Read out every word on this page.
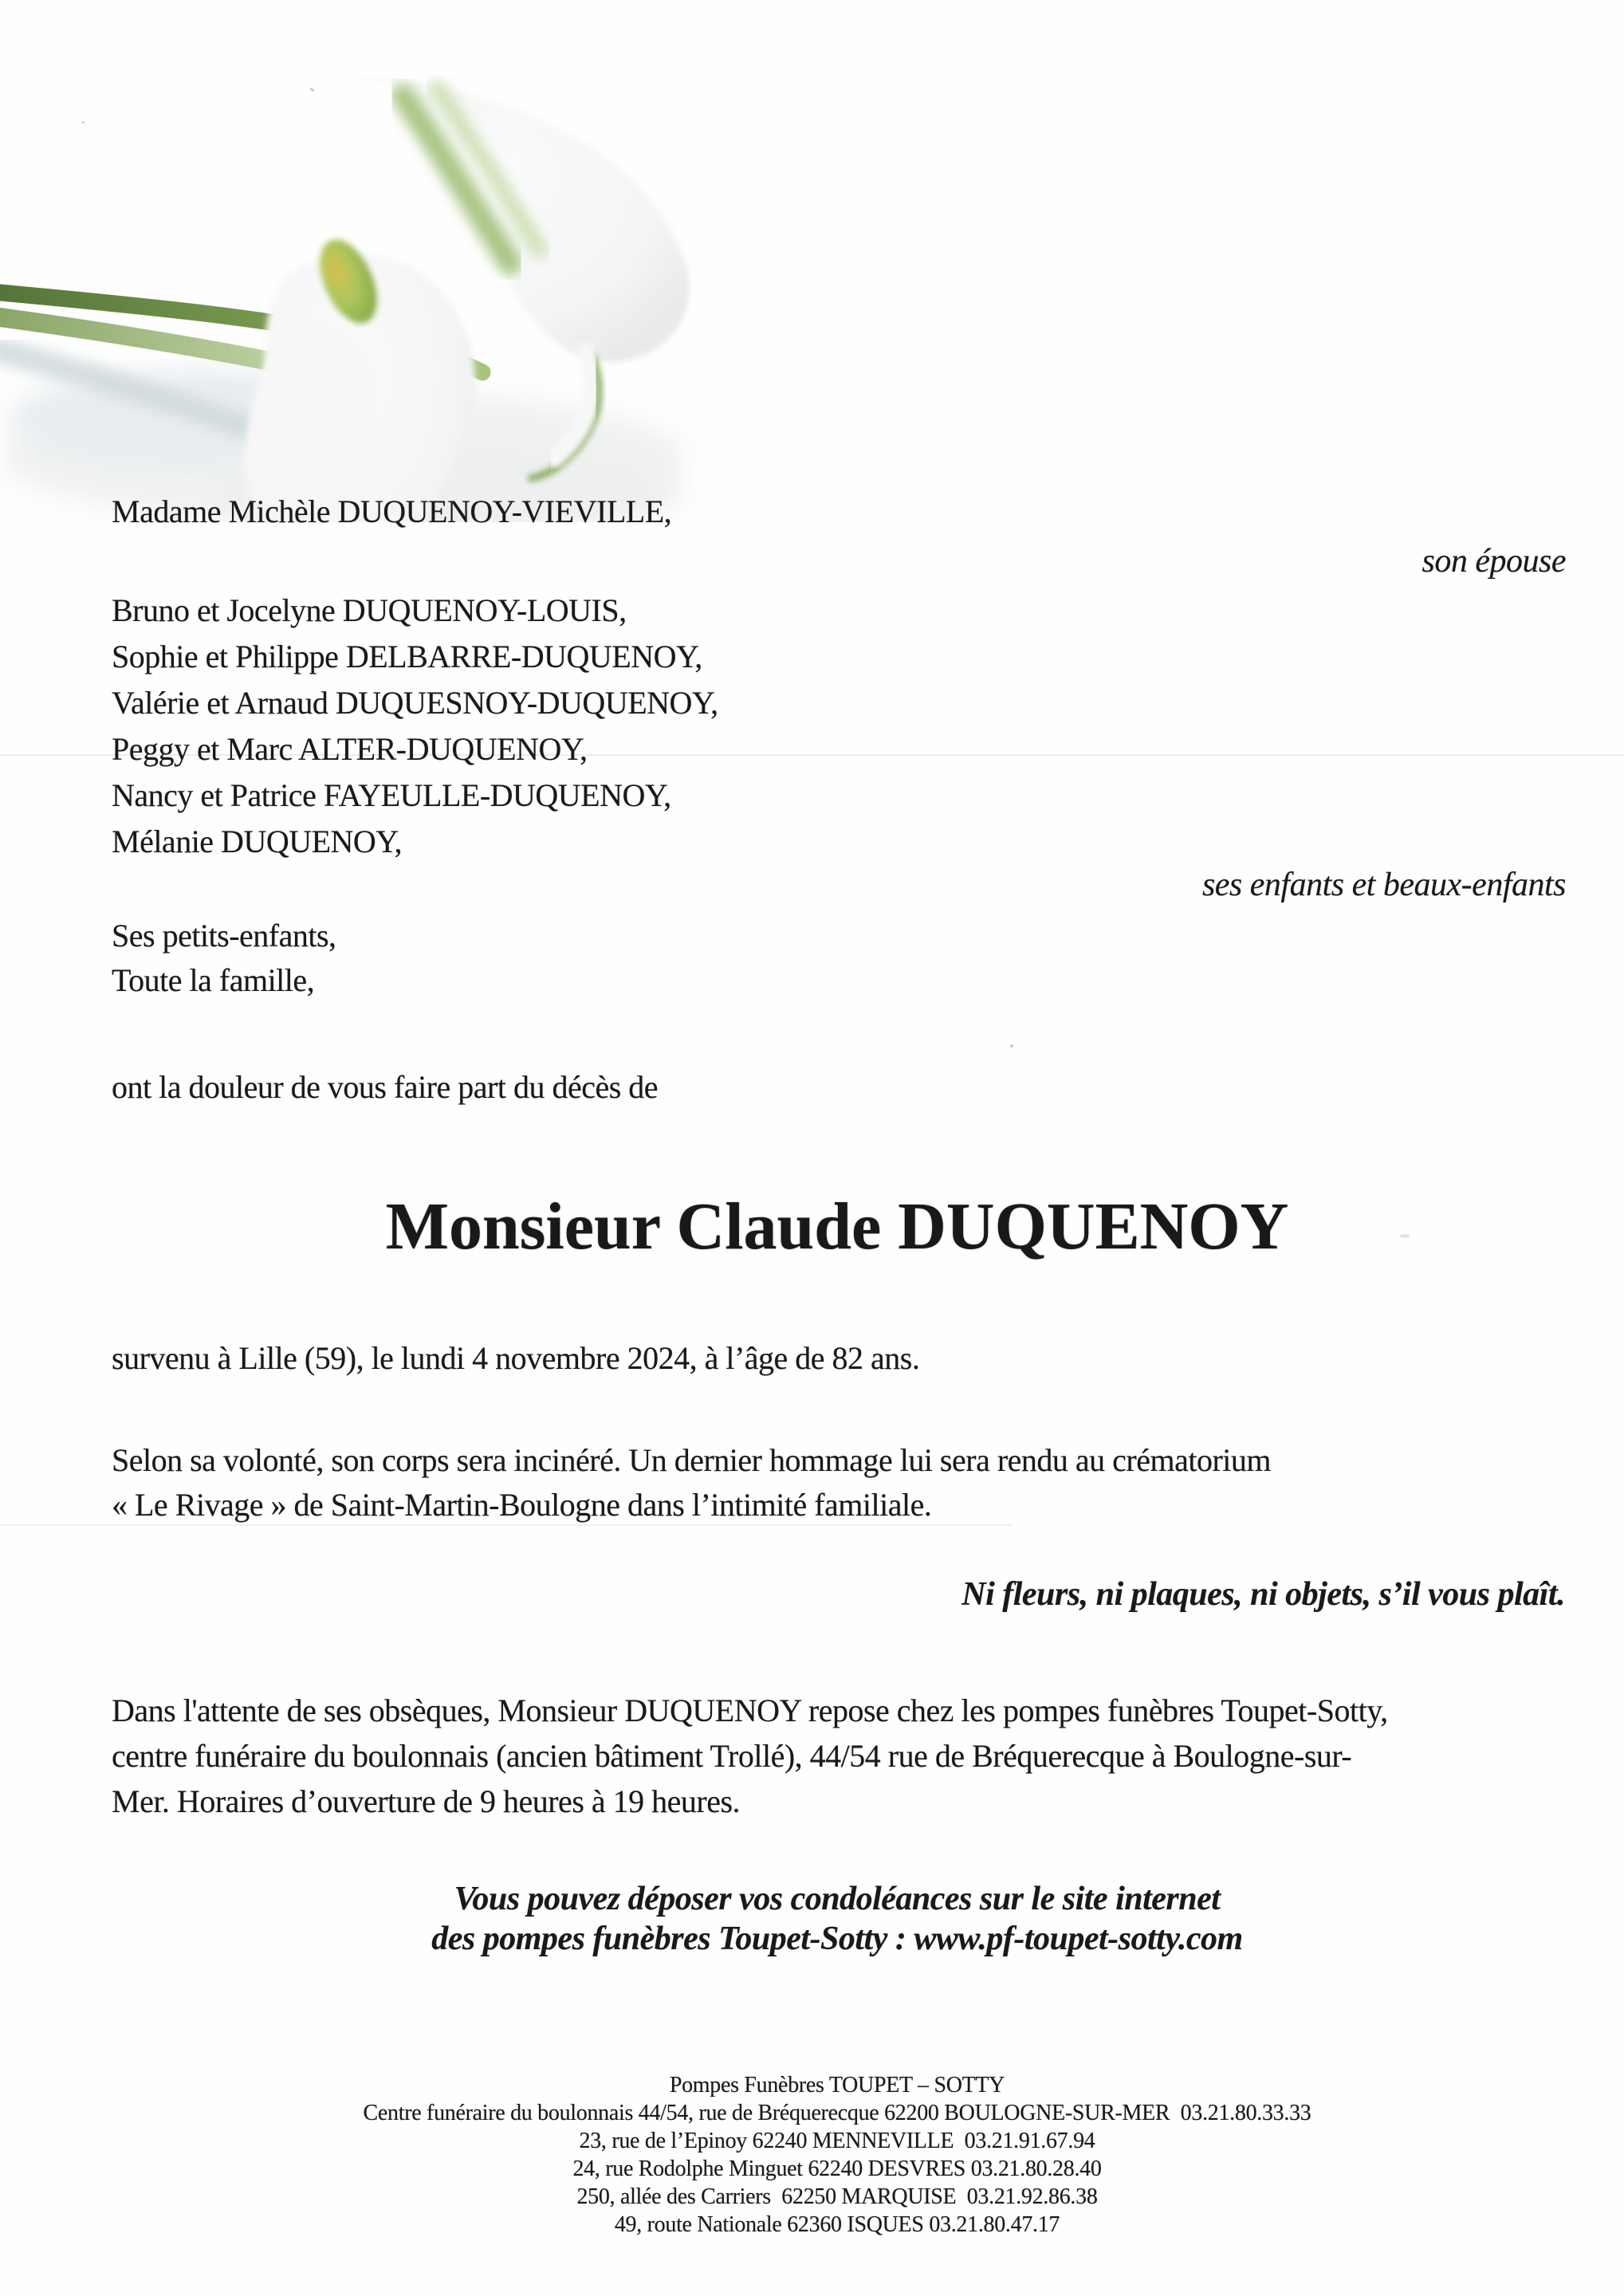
Madame Michèle DUQUENOY-VIEVILLE,
son épouse
Bruno et Jocelyne DUQUENOY-LOUIS,
Sophie et Philippe DELBARRE-DUQUENOY,
Valérie et Arnaud DUQUESNOY-DUQUENOY,
Peggy et Marc ALTER-DUQUENOY,
Nancy et Patrice FAYEULLE-DUQUENOY,
Mélanie DUQUENOY,
ses enfants et beaux-enfants
Ses petits-enfants,
Toute la famille,
ont la douleur de vous faire part du décès de
Monsieur Claude DUQUENOY
survenu à Lille (59), le lundi 4 novembre 2024, à l’âge de 82 ans.
Selon sa volonté, son corps sera incinéré. Un dernier hommage lui sera rendu au crématorium
« Le Rivage » de Saint-Martin-Boulogne dans l’intimité familiale.
Ni fleurs, ni plaques, ni objets, s’il vous plaît.
Dans l'attente de ses obsèques, Monsieur DUQUENOY repose chez les pompes funèbres Toupet-Sotty,
centre funéraire du boulonnais (ancien bâtiment Trollé), 44/54 rue de Bréquerecque à Boulogne-sur-
Mer. Horaires d’ouverture de 9 heures à 19 heures.
Vous pouvez déposer vos condoléances sur le site internet
des pompes funèbres Toupet-Sotty : www.pf-toupet-sotty.com
Pompes Funèbres TOUPET – SOTTY
Centre funéraire du boulonnais 44/54, rue de Bréquerecque 62200 BOULOGNE-SUR-MER  03.21.80.33.33
23, rue de l’Epinoy 62240 MENNEVILLE  03.21.91.67.94
24, rue Rodolphe Minguet 62240 DESVRES 03.21.80.28.40
250, allée des Carriers  62250 MARQUISE  03.21.92.86.38
49, route Nationale 62360 ISQUES 03.21.80.47.17
